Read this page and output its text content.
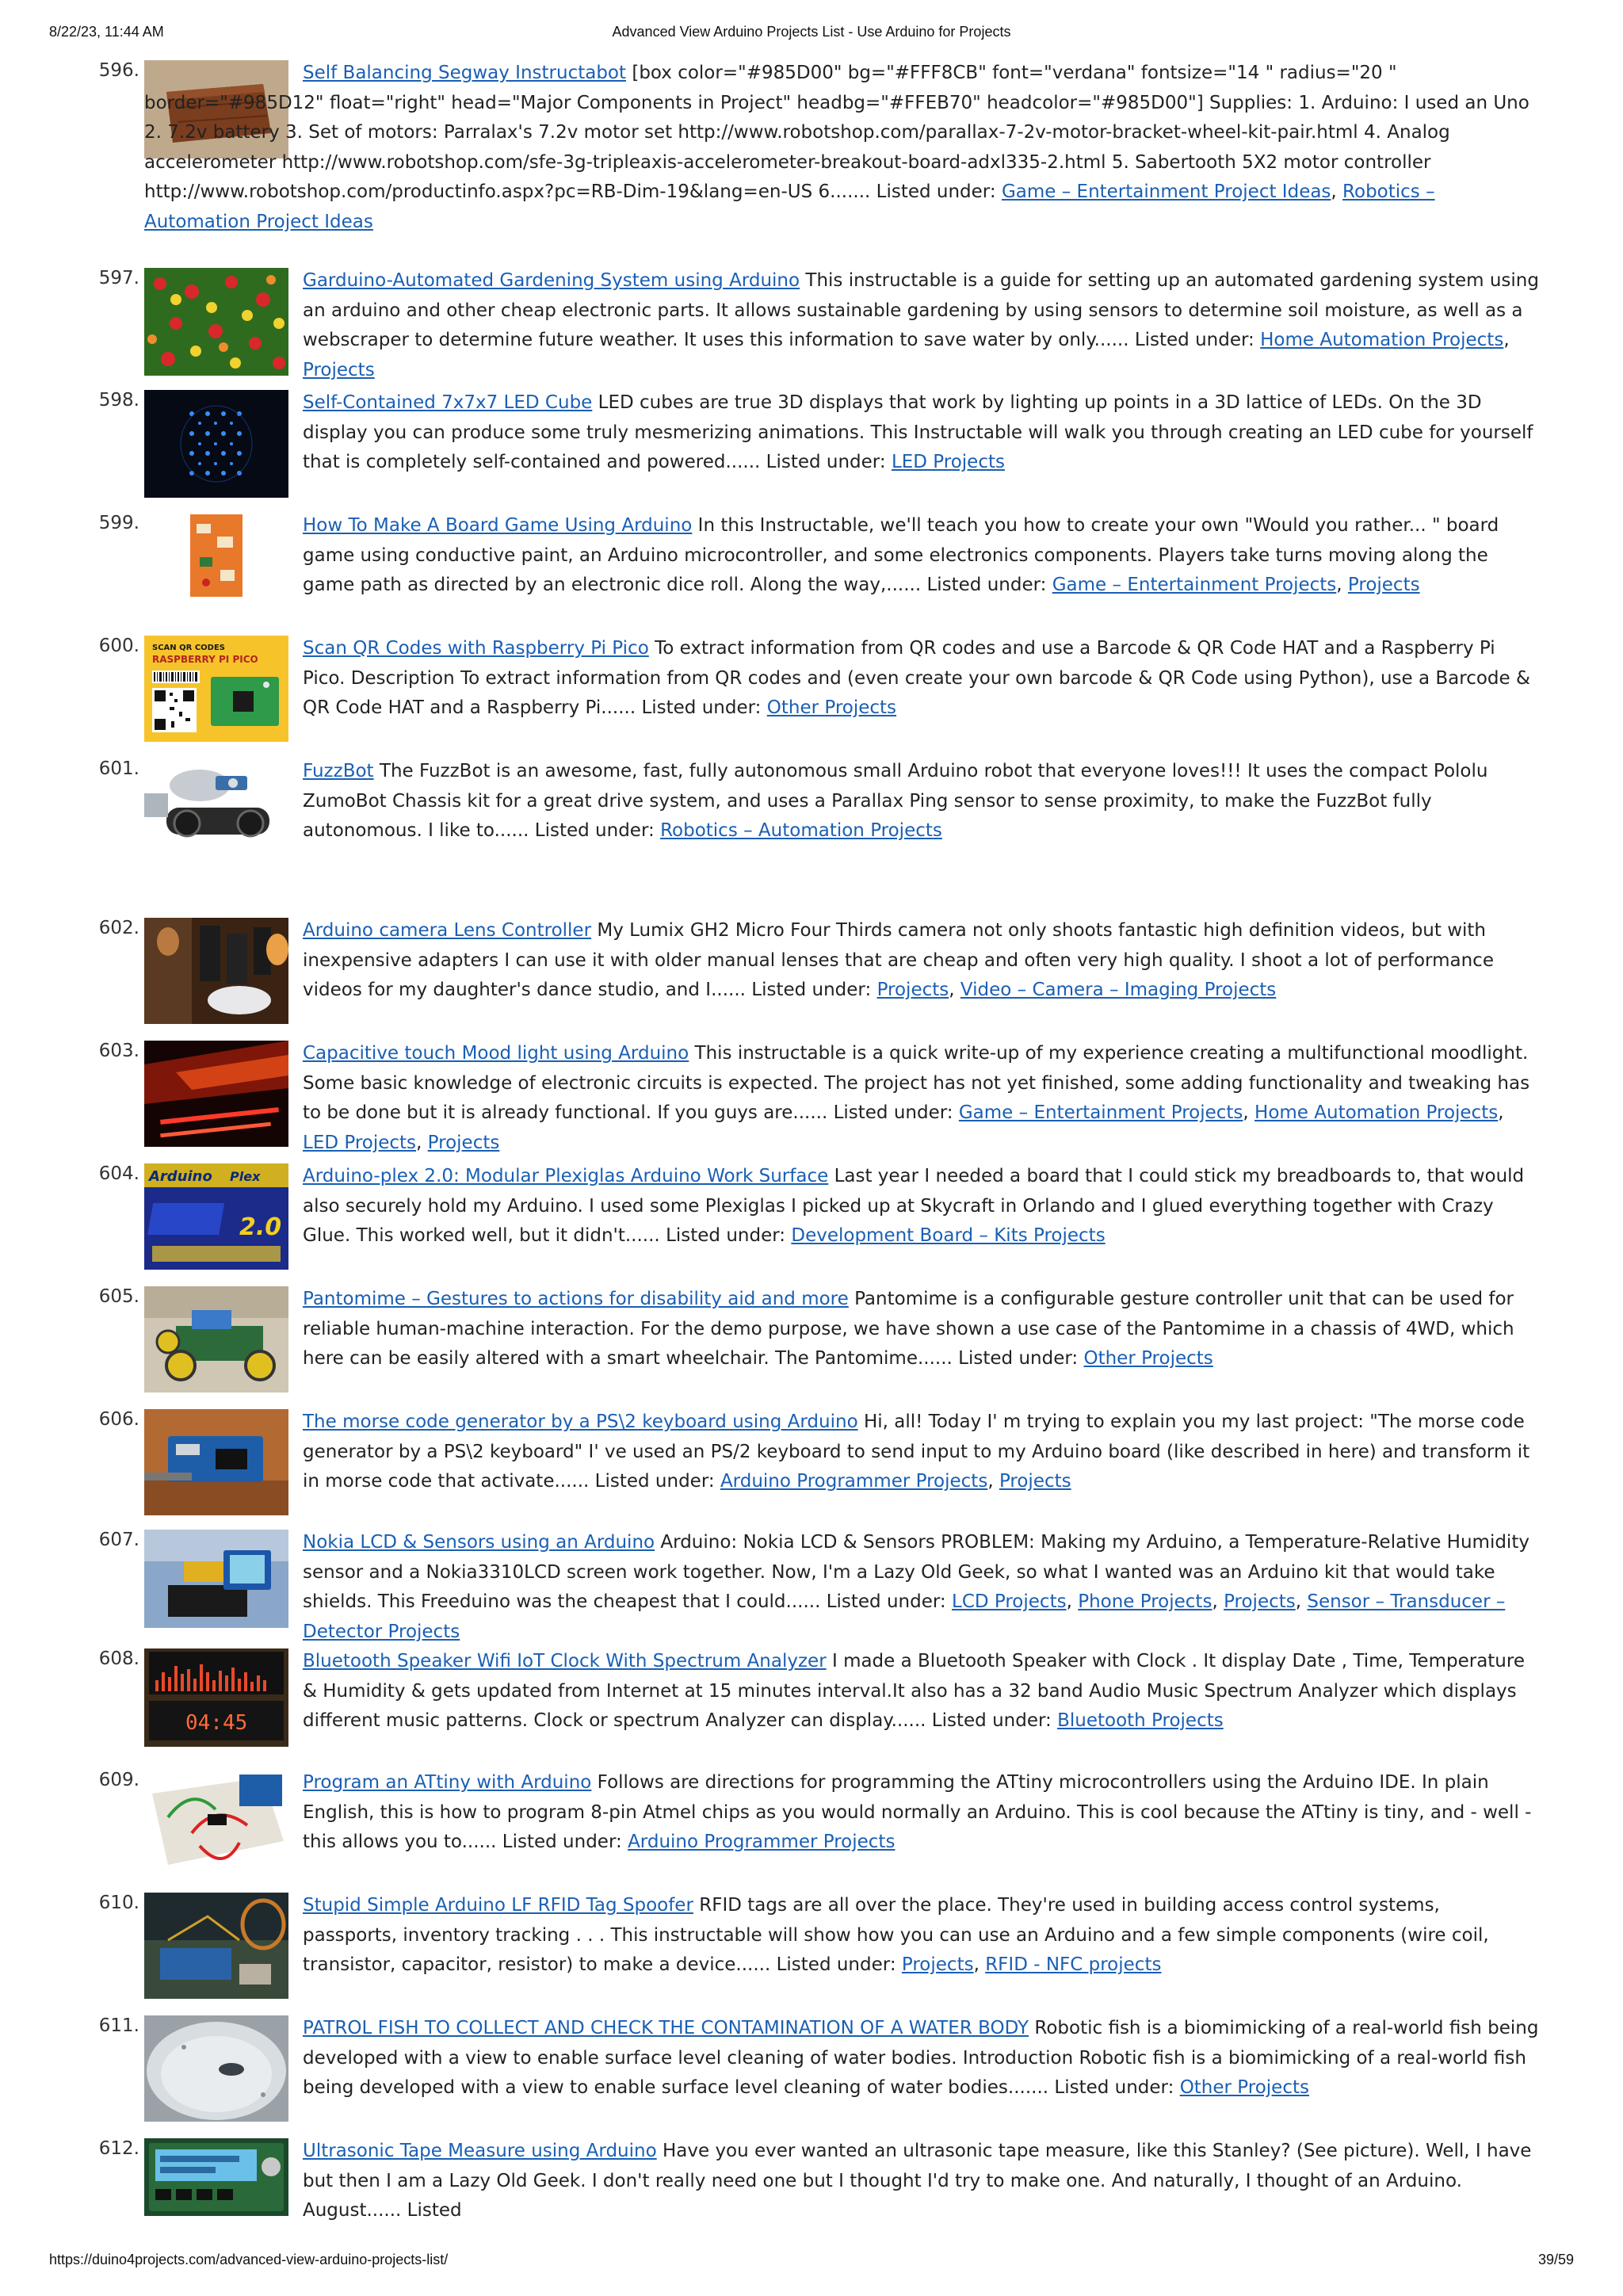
8/22/23, 11:44 AM	Advanced View Arduino Projects List - Use Arduino for Projects
596.	Self Balancing Segway Instructabot [box color="#985D00" bg="#FFF8CB" font="verdana" fontsize="14 " radius="20 " border="#985D12" float="right" head="Major Components in Project" headbg="#FFEB70" headcolor="#985D00"] Supplies: 1. Arduino: I used an Uno 2. 7.2v battery 3. Set of motors: Parralax's 7.2v motor set http://www.robotshop.com/parallax-7-2v-motor-bracket-wheel-kit-pair.html 4. Analog accelerometer http://www.robotshop.com/sfe-3g-tripleaxis-accelerometer-breakout-board-adxl335-2.html 5. Sabertooth 5X2 motor controller http://www.robotshop.com/productinfo.aspx?pc=RB-Dim-19&lang=en-US 6....... Listed under: Game – Entertainment Project Ideas, Robotics – Automation Project Ideas
597.	Garduino-Automated Gardening System using Arduino This instructable is a guide for setting up an automated gardening system using an arduino and other cheap electronic parts. It allows sustainable gardening by using sensors to determine soil moisture, as well as a webscraper to determine future weather. It uses this information to save water by only...... Listed under: Home Automation Projects, Projects
598.	Self-Contained 7x7x7 LED Cube LED cubes are true 3D displays that work by lighting up points in a 3D lattice of LEDs. On the 3D display you can produce some truly mesmerizing animations. This Instructable will walk you through creating an LED cube for yourself that is completely self-contained and powered...... Listed under: LED Projects
599.	How To Make A Board Game Using Arduino In this Instructable, we'll teach you how to create your own "Would you rather... " board game using conductive paint, an Arduino microcontroller, and some electronics components. Players take turns moving along the game path as directed by an electronic dice roll. Along the way,...... Listed under: Game – Entertainment Projects, Projects
600. SCAN QR CODES
RASPBERRY PI PICO
Scan QR Codes with Raspberry Pi Pico To extract information from QR codes and use a Barcode & QR Code HAT and a Raspberry Pi Pico. Description To extract information from QR codes and (even create your own barcode & QR Code using Python), use a Barcode & QR Code HAT and a Raspberry Pi...... Listed under: Other Projects
601.	FuzzBot The FuzzBot is an awesome, fast, fully autonomous small Arduino robot that everyone loves!!! It uses the compact Pololu ZumoBot Chassis kit for a great drive system, and uses a Parallax Ping sensor to sense proximity, to make the FuzzBot fully autonomous. I like to...... Listed under: Robotics – Automation Projects
602.	Arduino camera Lens Controller My Lumix GH2 Micro Four Thirds camera not only shoots fantastic high definition videos, but with inexpensive adapters I can use it with older manual lenses that are cheap and often very high quality. I shoot a lot of performance videos for my daughter's dance studio, and I...... Listed under: Projects, Video – Camera – Imaging Projects
603.	Capacitive touch Mood light using Arduino This instructable is a quick write-up of my experience creating a multifunctional moodlight. Some basic knowledge of electronic circuits is expected. The project has not yet finished, some adding functionality and tweaking has to be done but it is already functional. If you guys are...... Listed under: Game – Entertainment Projects, Home Automation Projects, LED Projects, Projects
604. Arduino Plex
2.0
Arduino-plex 2.0: Modular Plexiglas Arduino Work Surface Last year I needed a board that I could stick my breadboards to, that would also securely hold my Arduino. I used some Plexiglas I picked up at Skycraft in Orlando and I glued everything together with Crazy Glue. This worked well, but it didn't...... Listed under: Development Board – Kits Projects
605.	Pantomime – Gestures to actions for disability aid and more Pantomime is a configurable gesture controller unit that can be used for reliable human-machine interaction. For the demo purpose, we have shown a use case of the Pantomime in a chassis of 4WD, which here can be easily altered with a smart wheelchair. The Pantomime...... Listed under: Other Projects
606.	The morse code generator by a PS\2 keyboard using Arduino Hi, all! Today I' m trying to explain you my last project: "The morse code generator by a PS\2 keyboard" I' ve used an PS/2 keyboard to send input to my Arduino board (like described in here) and transform it in morse code that activate...... Listed under: Arduino Programmer Projects, Projects
607.	Nokia LCD & Sensors using an Arduino Arduino: Nokia LCD & Sensors PROBLEM: Making my Arduino, a Temperature-Relative Humidity sensor and a Nokia3310LCD screen work together. Now, I'm a Lazy Old Geek, so what I wanted was an Arduino kit that would take shields. This Freeduino was the cheapest that I could...... Listed under: LCD Projects, Phone Projects, Projects, Sensor – Transducer – Detector Projects
608.
04:45
Bluetooth Speaker Wifi IoT Clock With Spectrum Analyzer I made a Bluetooth Speaker with Clock . It display Date , Time, Temperature & Humidity & gets updated from Internet at 15 minutes interval.It also has a 32 band Audio Music Spectrum Analyzer which displays different music patterns. Clock or spectrum Analyzer can display...... Listed under: Bluetooth Projects
609.	Program an ATtiny with Arduino Follows are directions for programming the ATtiny microcontrollers using the Arduino IDE. In plain English, this is how to program 8-pin Atmel chips as you would normally an Arduino. This is cool because the ATtiny is tiny, and - well - this allows you to...... Listed under: Arduino Programmer Projects
610.	Stupid Simple Arduino LF RFID Tag Spoofer RFID tags are all over the place. They're used in building access control systems, passports, inventory tracking . . . This instructable will show how you can use an Arduino and a few simple components (wire coil, transistor, capacitor, resistor) to make a device...... Listed under: Projects, RFID - NFC projects
611.	PATROL FISH TO COLLECT AND CHECK THE CONTAMINATION OF A WATER BODY Robotic fish is a biomimicking of a real-world fish being developed with a view to enable surface level cleaning of water bodies. Introduction Robotic fish is a biomimicking of a real-world fish being developed with a view to enable surface level cleaning of water bodies....... Listed under: Other Projects
612.	Ultrasonic Tape Measure using Arduino Have you ever wanted an ultrasonic tape measure, like this Stanley? (See picture). Well, I have but then I am a Lazy Old Geek. I don't really need one but I thought I'd try to make one. And naturally, I thought of an Arduino. August...... Listed
https://duino4projects.com/advanced-view-arduino-projects-list/	39/59
